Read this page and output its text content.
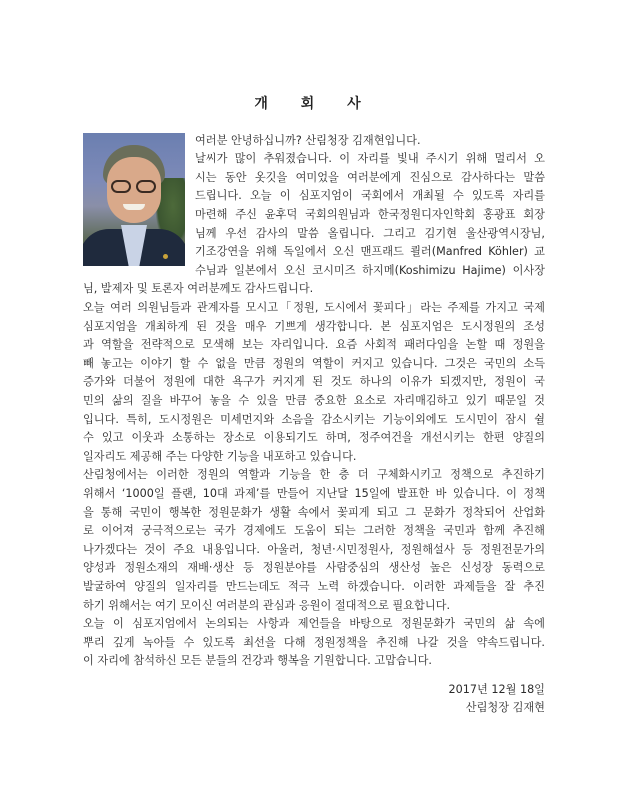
개 회 사
여러분 안녕하십니까? 산림청장 김재현입니다.
날씨가 많이 추워졌습니다. 이 자리를 빛내 주시기 위해 멀리서 오
시는 동안 옷깃을 여미었을 여러분에게 진심으로 감사하다는 말씀
드립니다. 오늘 이 심포지엄이 국회에서 개최될 수 있도록 자리를
마련해 주신 윤후덕 국회의원님과 한국정원디자인학회 홍광표 회장
님께 우선 감사의 말씀 올립니다. 그리고 김기현 울산광역시장님,
기조강연을 위해 독일에서 오신 맨프래드 쾰러(Manfred Köhler) 교
수님과 일본에서 오신 코시미즈 하지메(Koshimizu Hajime) 이사장
님, 발제자 및 토론자 여러분께도 감사드립니다.
오늘 여러 의원님들과 관계자를 모시고「정원, 도시에서 꽃피다」라는 주제를 가지고 국제
심포지엄을 개최하게 된 것을 매우 기쁘게 생각합니다. 본 심포지엄은 도시정원의 조성
과 역할을 전략적으로 모색해 보는 자리입니다. 요즘 사회적 패러다임을 논할 때 정원을
빼 놓고는 이야기 할 수 없을 만큼 정원의 역할이 커지고 있습니다. 그것은 국민의 소득
증가와 더불어 정원에 대한 욕구가 커지게 된 것도 하나의 이유가 되겠지만, 정원이 국
민의 삶의 질을 바꾸어 놓을 수 있을 만큼 중요한 요소로 자리매김하고 있기 때문일 것
입니다. 특히, 도시정원은 미세먼지와 소음을 감소시키는 기능이외에도 도시민이 잠시 쉴
수 있고 이웃과 소통하는 장소로 이용되기도 하며, 정주여건을 개선시키는 한편 양질의
일자리도 제공해 주는 다양한 기능을 내포하고 있습니다.
산림청에서는 이러한 정원의 역할과 기능을 한 층 더 구체화시키고 정책으로 추진하기
위해서 ‘1000일 플랜, 10대 과제’를 만들어 지난달 15일에 발표한 바 있습니다. 이 정책
을 통해 국민이 행복한 정원문화가 생활 속에서 꽃피게 되고 그 문화가 정착되어 산업화
로 이어져 궁극적으로는 국가 경제에도 도움이 되는 그러한 정책을 국민과 함께 추진해
나가겠다는 것이 주요 내용입니다. 아울러, 청년·시민정원사, 정원해설사 등 정원전문가의
양성과 정원소재의 재배·생산 등 정원분야를 사람중심의 생산성 높은 신성장 동력으로
발굴하여 양질의 일자리를 만드는데도 적극 노력 하겠습니다. 이러한 과제들을 잘 추진
하기 위해서는 여기 모이신 여러분의 관심과 응원이 절대적으로 필요합니다.
오늘 이 심포지엄에서 논의되는 사항과 제언들을 바탕으로 정원문화가 국민의 삶 속에
뿌리 깊게 녹아들 수 있도록 최선을 다해 정원정책을 추진해 나갈 것을 약속드립니다.
이 자리에 참석하신 모든 분들의 건강과 행복을 기원합니다. 고맙습니다.
2017년 12월 18일
산림청장 김재현
